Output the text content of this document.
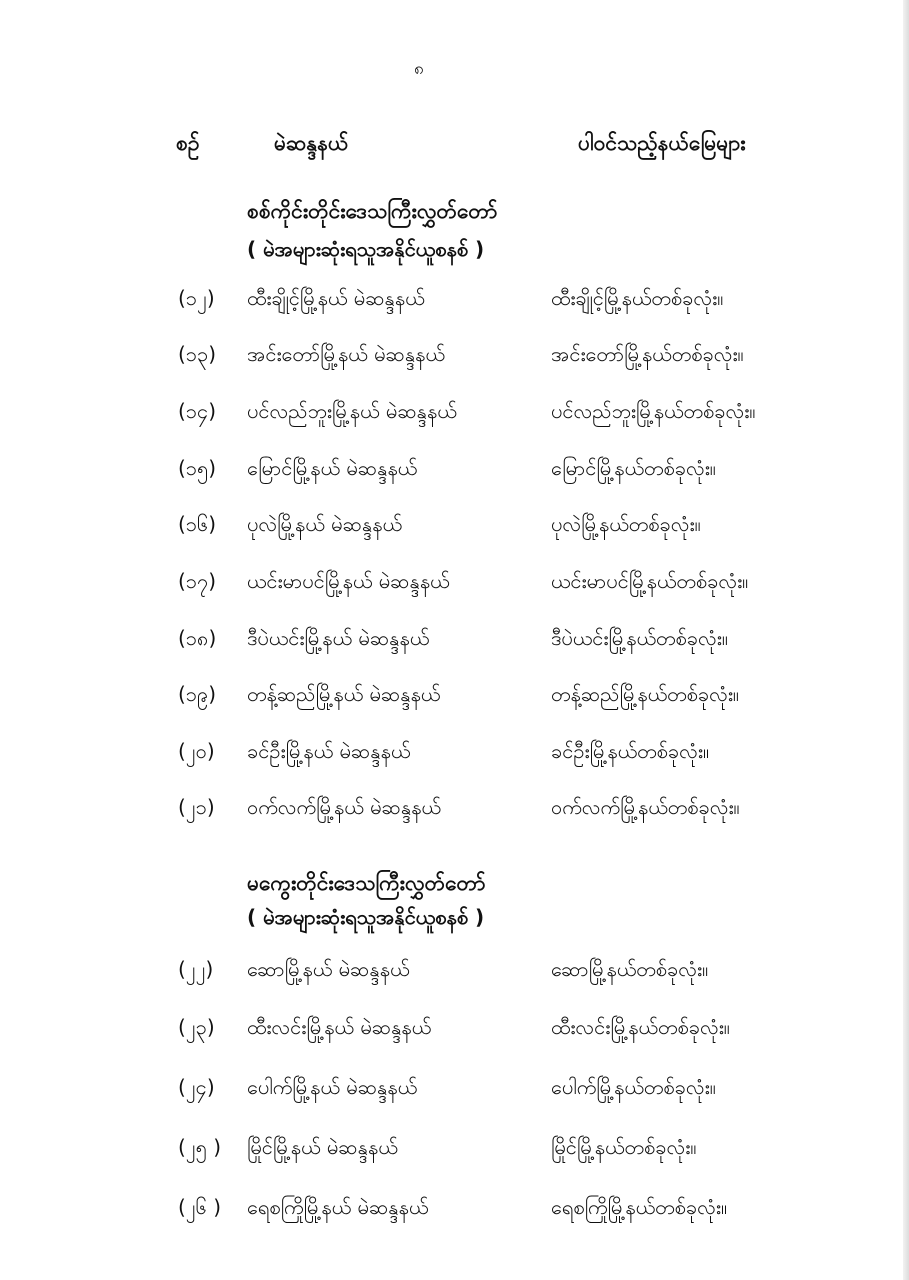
၈
စဉ်	မဲဆန္ဒနယ်	ပါဝင်သည့်နယ်မြေများ
စစ်ကိုင်းတိုင်းဒေသကြီးလွှတ်တော်
( မဲအများဆုံးရသူအနိုင်ယူစနစ် )
(၁၂) ထီးချိုင့်မြို့နယ် မဲဆန္ဒနယ်	ထီးချိုင့်မြို့နယ်တစ်ခုလုံး။
(၁၃) အင်းတော်မြို့နယ် မဲဆန္ဒနယ်	အင်းတော်မြို့နယ်တစ်ခုလုံး။
(၁၄) ပင်လည်ဘူးမြို့နယ် မဲဆန္ဒနယ်	ပင်လည်ဘူးမြို့နယ်တစ်ခုလုံး။
(၁၅) မြောင်မြို့နယ် မဲဆန္ဒနယ်	မြောင်မြို့နယ်တစ်ခုလုံး။
(၁၆) ပုလဲမြို့နယ် မဲဆန္ဒနယ်	ပုလဲမြို့နယ်တစ်ခုလုံး။
(၁၇) ယင်းမာပင်မြို့နယ် မဲဆန္ဒနယ်	ယင်းမာပင်မြို့နယ်တစ်ခုလုံး။
(၁၈) ဒီပဲယင်းမြို့နယ် မဲဆန္ဒနယ်	ဒီပဲယင်းမြို့နယ်တစ်ခုလုံး။
(၁၉) တန့်ဆည်မြို့နယ် မဲဆန္ဒနယ်	တန့်ဆည်မြို့နယ်တစ်ခုလုံး။
(၂၀) ခင်ဦးမြို့နယ် မဲဆန္ဒနယ်	ခင်ဦးမြို့နယ်တစ်ခုလုံး။
(၂၁) ဝက်လက်မြို့နယ် မဲဆန္ဒနယ်	ဝက်လက်မြို့နယ်တစ်ခုလုံး။
မကွေးတိုင်းဒေသကြီးလွှတ်တော်
( မဲအများဆုံးရသူအနိုင်ယူစနစ် )
(၂၂) ဆောမြို့နယ် မဲဆန္ဒနယ်	ဆောမြို့နယ်တစ်ခုလုံး။
(၂၃) ထီးလင်းမြို့နယ် မဲဆန္ဒနယ်	ထီးလင်းမြို့နယ်တစ်ခုလုံး။
(၂၄) ပေါက်မြို့နယ် မဲဆန္ဒနယ်	ပေါက်မြို့နယ်တစ်ခုလုံး။
(၂၅ ) မြိုင်မြို့နယ် မဲဆန္ဒနယ်	မြိုင်မြို့နယ်တစ်ခုလုံး။
(၂၆ ) ရေစကြိုမြို့နယ် မဲဆန္ဒနယ်	ရေစကြိုမြို့နယ်တစ်ခုလုံး။
